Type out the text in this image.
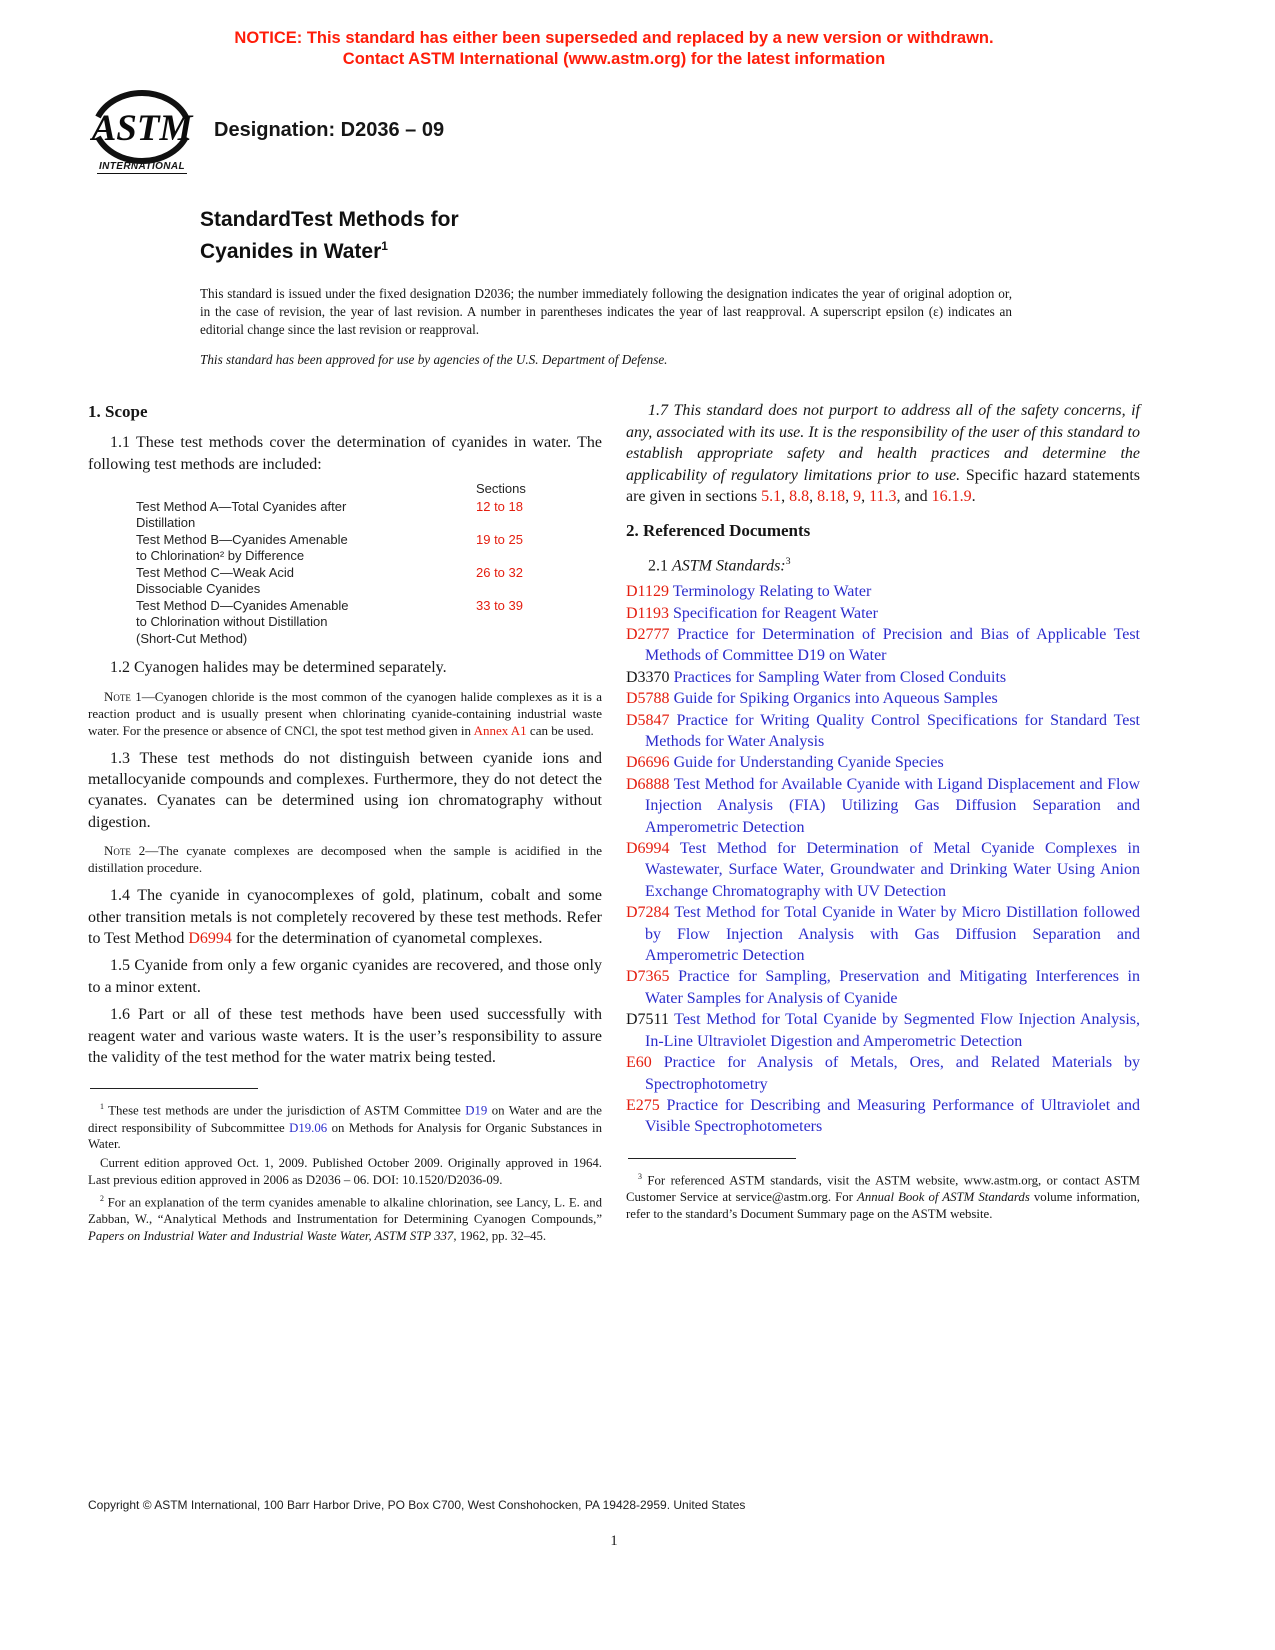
NOTICE: This standard has either been superseded and replaced by a new version or withdrawn.
Contact ASTM International (www.astm.org) for the latest information
ASTM
INTERNATIONAL
Designation: D2036 – 09
StandardTest Methods for
Cyanides in Water$^1$

This standard is issued under the fixed designation D2036; the number immediately following the designation indicates the year of original adoption or, in the case of revision, the year of last revision. A number in parentheses indicates the year of last reapproval. A superscript epsilon (ε) indicates an editorial change since the last revision or reapproval.

This standard has been approved for use by agencies of the U.S. Department of Defense.

1. Scope

1.1 These test methods cover the determination of cyanides in water. The following test methods are included:

Sections
Test Method A—Total Cyanides after
Distillation
12 to 18
Test Method B—Cyanides Amenable
to Chlorination² by Difference
19 to 25
Test Method C—Weak Acid
Dissociable Cyanides
26 to 32
Test Method D—Cyanides Amenable
to Chlorination without Distillation
(Short-Cut Method)
33 to 39

1.2 Cyanogen halides may be determined separately.

Note 1—Cyanogen chloride is the most common of the cyanogen halide complexes as it is a reaction product and is usually present when chlorinating cyanide-containing industrial waste water. For the presence or absence of CNCl, the spot test method given in Annex A1 can be used.

1.3 These test methods do not distinguish between cyanide ions and metallocyanide compounds and complexes. Furthermore, they do not detect the cyanates. Cyanates can be determined using ion chromatography without digestion.

Note 2—The cyanate complexes are decomposed when the sample is acidified in the distillation procedure.

1.4 The cyanide in cyanocomplexes of gold, platinum, cobalt and some other transition metals is not completely recovered by these test methods. Refer to Test Method D6994 for the determination of cyanometal complexes.

1.5 Cyanide from only a few organic cyanides are recovered, and those only to a minor extent.

1.6 Part or all of these test methods have been used successfully with reagent water and various waste waters. It is the user’s responsibility to assure the validity of the test method for the water matrix being tested.

$^1$ These test methods are under the jurisdiction of ASTM Committee D19 on Water and are the direct responsibility of Subcommittee D19.06 on Methods for Analysis for Organic Substances in Water.

Current edition approved Oct. 1, 2009. Published October 2009. Originally approved in 1964. Last previous edition approved in 2006 as D2036 – 06. DOI: 10.1520/D2036-09.

$^2$ For an explanation of the term cyanides amenable to alkaline chlorination, see Lancy, L. E. and Zabban, W., “Analytical Methods and Instrumentation for Determining Cyanogen Compounds,” Papers on Industrial Water and Industrial Waste Water, ASTM STP 337, 1962, pp. 32–45.

1.7 This standard does not purport to address all of the safety concerns, if any, associated with its use. It is the responsibility of the user of this standard to establish appropriate safety and health practices and determine the applicability of regulatory limitations prior to use. Specific hazard statements are given in sections 5.1, 8.8, 8.18, 9, 11.3, and 16.1.9.

2. Referenced Documents

2.1 ASTM Standards:$^3$

D1129 Terminology Relating to Water

D1193 Specification for Reagent Water

D2777 Practice for Determination of Precision and Bias of Applicable Test Methods of Committee D19 on Water

D3370 Practices for Sampling Water from Closed Conduits

D5788 Guide for Spiking Organics into Aqueous Samples

D5847 Practice for Writing Quality Control Specifications for Standard Test Methods for Water Analysis

D6696 Guide for Understanding Cyanide Species

D6888 Test Method for Available Cyanide with Ligand Displacement and Flow Injection Analysis (FIA) Utilizing Gas Diffusion Separation and Amperometric Detection

D6994 Test Method for Determination of Metal Cyanide Complexes in Wastewater, Surface Water, Groundwater and Drinking Water Using Anion Exchange Chromatography with UV Detection

D7284 Test Method for Total Cyanide in Water by Micro Distillation followed by Flow Injection Analysis with Gas Diffusion Separation and Amperometric Detection

D7365 Practice for Sampling, Preservation and Mitigating Interferences in Water Samples for Analysis of Cyanide

D7511 Test Method for Total Cyanide by Segmented Flow Injection Analysis, In-Line Ultraviolet Digestion and Amperometric Detection

E60 Practice for Analysis of Metals, Ores, and Related Materials by Spectrophotometry

E275 Practice for Describing and Measuring Performance of Ultraviolet and Visible Spectrophotometers

$^3$ For referenced ASTM standards, visit the ASTM website, www.astm.org, or contact ASTM Customer Service at service@astm.org. For Annual Book of ASTM Standards volume information, refer to the standard’s Document Summary page on the ASTM website.

Copyright © ASTM International, 100 Barr Harbor Drive, PO Box C700, West Conshohocken, PA 19428-2959. United States
1
